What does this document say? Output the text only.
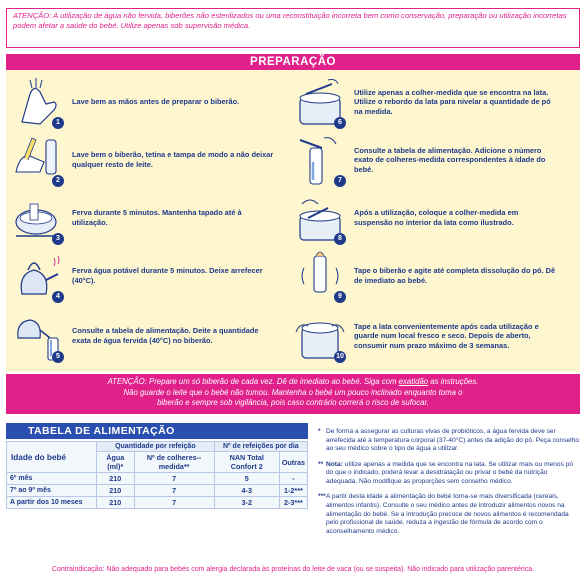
ATENÇÃO: A utilização de água não fervida, biberões não esterilizados ou uma reconstituição incorreta bem como conservação, preparação ou utilização incorretas podem afetar a saúde do bebé. Utilize apenas sob supervisão médica.
PREPARAÇÃO
1
Lave bem as mãos antes de preparar o biberão.
2
Lave bem o biberão, tetina e tampa de modo a não deixar qualquer resto de leite.
3
Ferva durante 5 minutos. Mantenha tapado até à utilização.
4
Ferva água potável durante 5 minutos. Deixe arrefecer (40°C).
5
Consulte a tabela de alimentação. Deite a quantidade exata de água fervida (40°C) no biberão.
6
Utilize apenas a colher-medida que se encontra na lata. Utilize o rebordo da lata para nivelar a quantidade de pó na medida.
7
Consulte a tabela de alimentação. Adicione o número exato de colheres-medida correspondentes à idade do bebé.
8
Após a utilização, coloque a colher-medida em suspensão no interior da lata como ilustrado.
9
Tape o biberão e agite até completa dissolução do pó. Dê de imediato ao bebé.
10
Tape a lata convenientemente após cada utilização e guarde num local fresco e seco. Depois de aberto, consumir num prazo máximo de 3 semanas.
ATENÇÃO: Prepare um só biberão de cada vez. Dê de imediato ao bebé. Siga com exatidão as instruções.
Não guarde o leite que o bebé não tomou. Mantenha o bebé um pouco inclinado enquanto toma o
biberão e sempre sob vigilância, pois caso contrário correrá o risco de sufocar.
TABELA DE ALIMENTAÇÃO
Idade do bebé	Quantidade por refeição		Nº de refeições por dia	
	Água (ml)*	Nº de colheres--medida**	NAN Total Confort 2	Outras
6º mês	210	7	5	-
7º ao 9º mês	210	7	4-3	1-2***
A partir dos 10 meses	210	7	3-2	2-3***
* De forma a assegurar as culturas vivas de probióticos, a água fervida deve ser arrefecida até à temperatura corporal (37-40°C) antes da adição do pó. Peça conselho ao seu médico sobre o tipo de água a utilizar.
** Nota: utilize apenas a medida que se encontra na lata. Se utilizar mais ou menos pó do que o indicado, poderá levar a desidratação ou privar o bebé da nutrição adequada. Não modifique as proporções sem conselho médico.
*** A partir desta idade a alimentação do bebé torna-se mais diversificada (cereais, alimentos infantis). Consulte o seu médico antes de introduzir alimentos novos na alimentação do bebé. Se a introdução precoce de novos alimentos é recomendada pelo profissional de saúde, reduza a ingestão de fórmula de acordo com o aconselhamento médico.
Contraindicação: Não adequado para bebés com alergia declarada às proteínas do leite de vaca (ou se suspeita). Não indicado para utilização parentérica.
